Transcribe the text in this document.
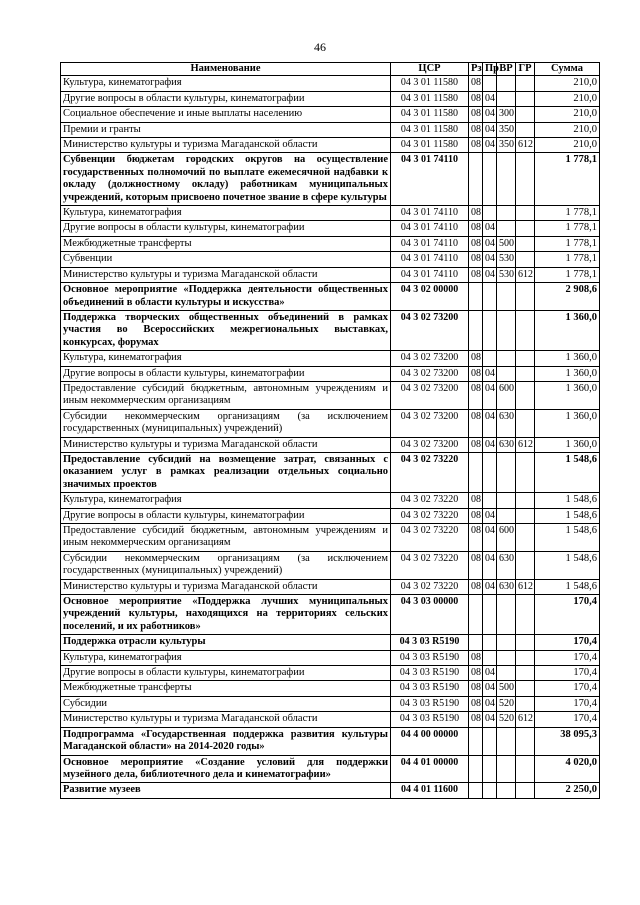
46
Наименование	ЦСР	Рз	Пр	ВР	ГР	Сумма
Культура, кинематография	04 3 01 11580	08				210,0
Другие вопросы в области культуры, кинематографии	04 3 01 11580	08	04			210,0
Социальное обеспечение и иные выплаты населению	04 3 01 11580	08	04	300		210,0
Премии и гранты	04 3 01 11580	08	04	350		210,0
Министерство культуры и туризма Магаданской области	04 3 01 11580	08	04	350	612	210,0
Субвенции бюджетам городских округов на осуществление государственных полномочий по выплате ежемесячной надбавки к окладу (должностному окладу) работникам муниципальных учреждений, которым присвоено почетное звание в сфере культуры	04 3 01 74110					1 778,1
Культура, кинематография	04 3 01 74110	08				1 778,1
Другие вопросы в области культуры, кинематографии	04 3 01 74110	08	04			1 778,1
Межбюджетные трансферты	04 3 01 74110	08	04	500		1 778,1
Субвенции	04 3 01 74110	08	04	530		1 778,1
Министерство культуры и туризма Магаданской области	04 3 01 74110	08	04	530	612	1 778,1
Основное мероприятие «Поддержка деятельности общественных объединений в области культуры и искусства»	04 3 02 00000					2 908,6
Поддержка творческих общественных объединений в рамках участия во Всероссийских межрегиональных выставках, конкурсах, форумах	04 3 02 73200					1 360,0
Культура, кинематография	04 3 02 73200	08				1 360,0
Другие вопросы в области культуры, кинематографии	04 3 02 73200	08	04			1 360,0
Предоставление субсидий бюджетным, автономным учреждениям и иным некоммерческим организациям	04 3 02 73200	08	04	600		1 360,0
Субсидии некоммерческим организациям (за исключением государственных (муниципальных) учреждений)	04 3 02 73200	08	04	630		1 360,0
Министерство культуры и туризма Магаданской области	04 3 02 73200	08	04	630	612	1 360,0
Предоставление субсидий на возмещение затрат, связанных с оказанием услуг в рамках реализации отдельных социально значимых проектов	04 3 02 73220					1 548,6
Культура, кинематография	04 3 02 73220	08				1 548,6
Другие вопросы в области культуры, кинематографии	04 3 02 73220	08	04			1 548,6
Предоставление субсидий бюджетным, автономным учреждениям и иным некоммерческим организациям	04 3 02 73220	08	04	600		1 548,6
Субсидии некоммерческим организациям (за исключением государственных (муниципальных) учреждений)	04 3 02 73220	08	04	630		1 548,6
Министерство культуры и туризма Магаданской области	04 3 02 73220	08	04	630	612	1 548,6
Основное мероприятие «Поддержка лучших муниципальных учреждений культуры, находящихся на территориях сельских поселений, и их работников»	04 3 03 00000					170,4
Поддержка отрасли культуры	04 3 03 R5190					170,4
Культура, кинематография	04 3 03 R5190	08				170,4
Другие вопросы в области культуры, кинематографии	04 3 03 R5190	08	04			170,4
Межбюджетные трансферты	04 3 03 R5190	08	04	500		170,4
Субсидии	04 3 03 R5190	08	04	520		170,4
Министерство культуры и туризма Магаданской области	04 3 03 R5190	08	04	520	612	170,4
Подпрограмма «Государственная поддержка развития культуры Магаданской области» на 2014-2020 годы»	04 4 00 00000					38 095,3
Основное мероприятие «Создание условий для поддержки музейного дела, библиотечного дела и кинематографии»	04 4 01 00000					4 020,0
Развитие музеев	04 4 01 11600					2 250,0
